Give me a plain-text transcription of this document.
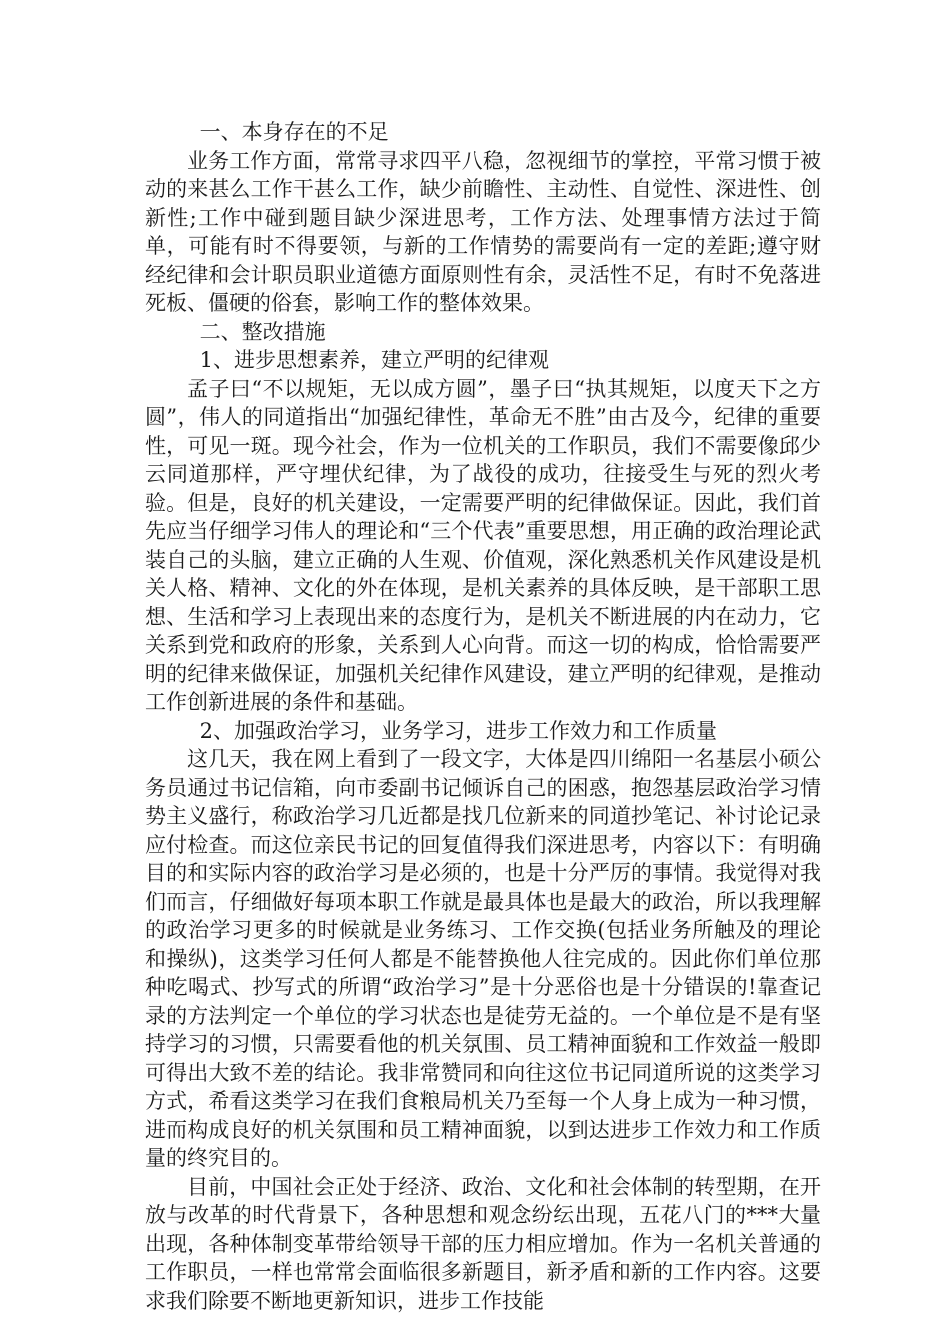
一、本身存在的不足

业务工作方面，常常寻求四平八稳，忽视细节的掌控，平常习惯于被动的来甚么工作干甚么工作，缺少前瞻性、主动性、自觉性、深进性、创新性;工作中碰到题目缺少深进思考，工作方法、处理事情方法过于简单，可能有时不得要领，与新的工作情势的需要尚有一定的差距;遵守财经纪律和会计职员职业道德方面原则性有余，灵活性不足，有时不免落进死板、僵硬的俗套，影响工作的整体效果。

二、整改措施

1、进步思想素养，建立严明的纪律观

孟子曰“不以规矩，无以成方圆”，墨子曰“执其规矩，以度天下之方圆”，伟人的同道指出“加强纪律性，革命无不胜”由古及今，纪律的重要性，可见一斑。现今社会，作为一位机关的工作职员，我们不需要像邱少云同道那样，严守埋伏纪律，为了战役的成功，往接受生与死的烈火考验。但是，良好的机关建设，一定需要严明的纪律做保证。因此，我们首先应当仔细学习伟人的理论和“三个代表”重要思想，用正确的政治理论武装自己的头脑，建立正确的人生观、价值观，深化熟悉机关作风建设是机关人格、精神、文化的外在体现，是机关素养的具体反映，是干部职工思想、生活和学习上表现出来的态度行为，是机关不断进展的内在动力，它关系到党和政府的形象，关系到人心向背。而这一切的构成，恰恰需要严明的纪律来做保证，加强机关纪律作风建设，建立严明的纪律观，是推动工作创新进展的条件和基础。

2、加强政治学习，业务学习，进步工作效力和工作质量

这几天，我在网上看到了一段文字，大体是四川绵阳一名基层小硕公务员通过书记信箱，向市委副书记倾诉自己的困惑，抱怨基层政治学习情势主义盛行，称政治学习几近都是找几位新来的同道抄笔记、补讨论记录应付检查。而这位亲民书记的回复值得我们深进思考，内容以下：有明确目的和实际内容的政治学习是必须的，也是十分严厉的事情。我觉得对我们而言，仔细做好每项本职工作就是最具体也是最大的政治，所以我理解的政治学习更多的时候就是业务练习、工作交换(包括业务所触及的理论和操纵)，这类学习任何人都是不能替换他人往完成的。因此你们单位那种吃喝式、抄写式的所谓“政治学习”是十分恶俗也是十分错误的!靠查记录的方法判定一个单位的学习状态也是徒劳无益的。一个单位是不是有坚持学习的习惯，只需要看他的机关氛围、员工精神面貌和工作效益一般即可得出大致不差的结论。我非常赞同和向往这位书记同道所说的这类学习方式，希看这类学习在我们食粮局机关乃至每一个人身上成为一种习惯，进而构成良好的机关氛围和员工精神面貌，以到达进步工作效力和工作质量的终究目的。

目前，中国社会正处于经济、政治、文化和社会体制的转型期，在开放与改革的时代背景下，各种思想和观念纷纭出现，五花八门的***大量出现，各种体制变革带给领导干部的压力相应增加。作为一名机关普通的工作职员，一样也常常会面临很多新题目，新矛盾和新的工作内容。这要求我们除要不断地更新知识，进步工作技能
